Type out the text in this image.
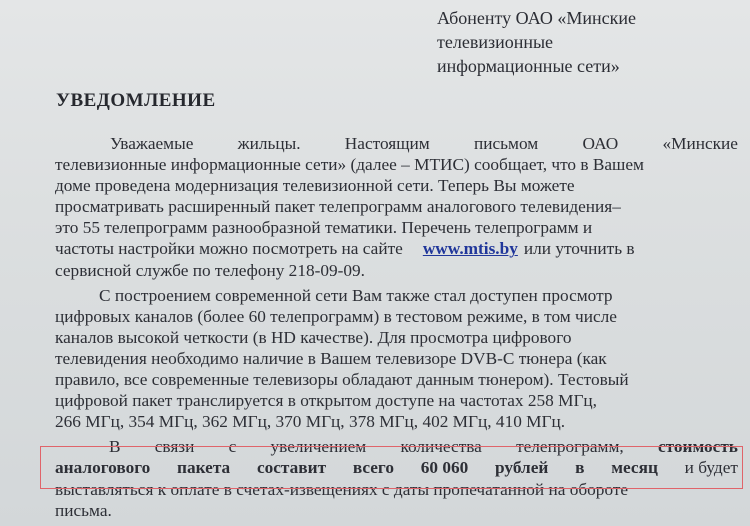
Абоненту ОАО «Минские
телевизионные
информационные сети»
УВЕДОМЛЕНИЕ
Уважаемые	жильцы.	Настоящим	письмом	ОАО	«Минские
телевизионные информационные сети» (далее – МТИС) сообщает, что в Вашем
доме проведена модернизация телевизионной сети. Теперь Вы можете
просматривать расширенный пакет телепрограмм аналогового телевидения–
это 55 телепрограмм разнообразной тематики. Перечень телепрограмм и
частоты настройки можно посмотреть на сайте www.mtis.by или уточнить в
сервисной службе по телефону 218-09-09.
С построением современной сети Вам также стал доступен просмотр
цифровых каналов (более 60 телепрограмм) в тестовом режиме, в том числе
каналов высокой четкости (в HD качестве). Для просмотра цифрового
телевидения необходимо наличие в Вашем телевизоре DVB-C тюнера (как
правило, все современные телевизоры обладают данным тюнером). Тестовый
цифровой пакет транслируется в открытом доступе на частотах 258 МГц,
266 МГц, 354 МГц, 362 МГц, 370 МГц, 378 МГц, 402 МГц, 410 МГц.
В связи с увеличением количества телепрограмм, стоимость
аналогового пакета составит всего 60 060 рублей в месяц и будет
выставляться к оплате в счетах-извещениях с даты пропечатанной на обороте
письма.
